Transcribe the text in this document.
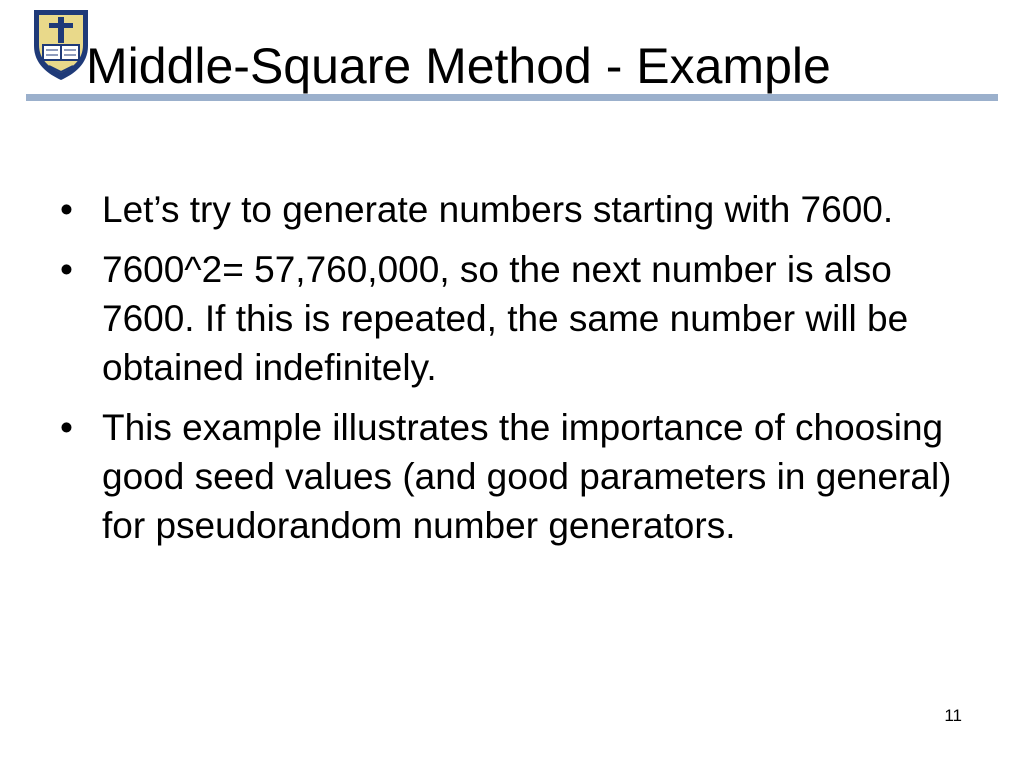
Middle-Square Method - Example
• Let’s try to generate numbers starting with 7600.
• 7600^2= 57,760,000, so the next number is also 7600. If this is repeated, the same number will be obtained indefinitely.
• This example illustrates the importance of choosing good seed values (and good parameters in general) for pseudorandom number generators.
11
